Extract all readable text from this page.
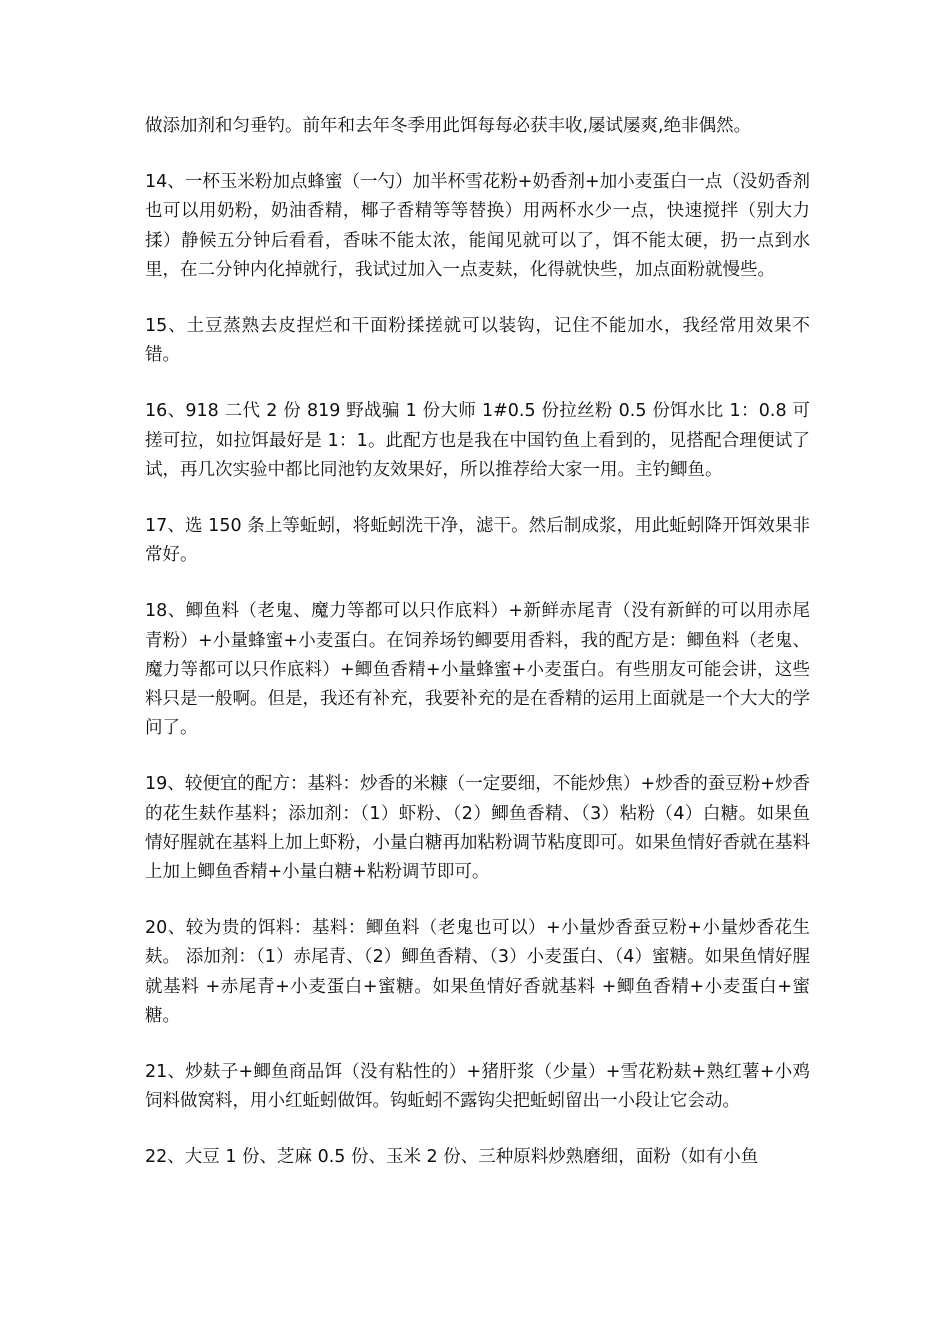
做添加剂和匀垂钓。前年和去年冬季用此饵每每必获丰收,屡试屡爽,绝非偶然。

14、一杯玉米粉加点蜂蜜（一勺）加半杯雪花粉+奶香剂+加小麦蛋白一点（没奶香剂也可以用奶粉，奶油香精，椰子香精等等替换）用两杯水少一点，快速搅拌（别大力揉）静候五分钟后看看，香味不能太浓，能闻见就可以了，饵不能太硬，扔一点到水里，在二分钟内化掉就行，我试过加入一点麦麸，化得就快些，加点面粉就慢些。

15、土豆蒸熟去皮捏烂和干面粉揉搓就可以装钩，记住不能加水，我经常用效果不错。

16、918 二代 2 份 819 野战骗 1 份大师 1#0.5 份拉丝粉 0.5 份饵水比 1：0.8 可搓可拉，如拉饵最好是 1：1。此配方也是我在中国钓鱼上看到的，见搭配合理便试了试，再几次实验中都比同池钓友效果好，所以推荐给大家一用。主钓鲫鱼。

17、选 150 条上等蚯蚓，将蚯蚓洗干净，滤干。然后制成浆，用此蚯蚓降开饵效果非常好。

18、鲫鱼料（老鬼、魔力等都可以只作底料）+新鲜赤尾青（没有新鲜的可以用赤尾青粉）+小量蜂蜜+小麦蛋白。在饲养场钓鲫要用香料，我的配方是：鲫鱼料（老鬼、魔力等都可以只作底料）+鲫鱼香精+小量蜂蜜+小麦蛋白。有些朋友可能会讲，这些料只是一般啊。但是，我还有补充，我要补充的是在香精的运用上面就是一个大大的学问了。

19、较便宜的配方：基料：炒香的米糠（一定要细，不能炒焦）+炒香的蚕豆粉+炒香的花生麸作基料；添加剂：（1）虾粉、（2）鲫鱼香精、（3）粘粉（4）白糖。如果鱼情好腥就在基料上加上虾粉，小量白糖再加粘粉调节粘度即可。如果鱼情好香就在基料上加上鲫鱼香精+小量白糖+粘粉调节即可。

20、较为贵的饵料：基料：鲫鱼料（老鬼也可以）+小量炒香蚕豆粉+小量炒香花生麸。 添加剂：（1）赤尾青、（2）鲫鱼香精、（3）小麦蛋白、（4）蜜糖。如果鱼情好腥就基料 +赤尾青+小麦蛋白+蜜糖。如果鱼情好香就基料 +鲫鱼香精+小麦蛋白+蜜糖。

21、炒麸子+鲫鱼商品饵（没有粘性的）+猪肝浆（少量）+雪花粉麸+熟红薯+小鸡饲料做窝料，用小红蚯蚓做饵。钩蚯蚓不露钩尖把蚯蚓留出一小段让它会动。

22、大豆 1 份、芝麻 0.5 份、玉米 2 份、三种原料炒熟磨细，面粉（如有小鱼
